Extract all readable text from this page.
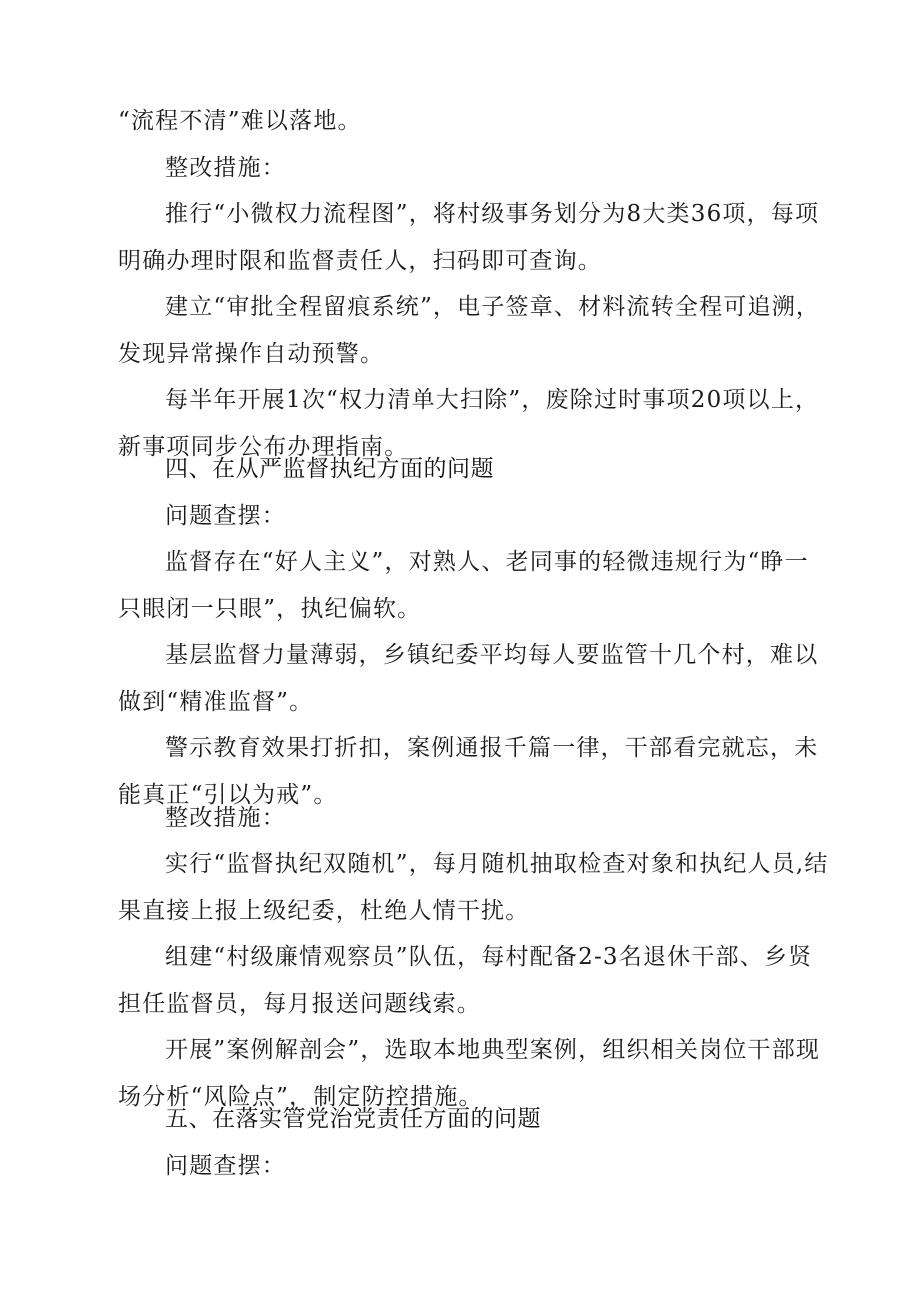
“流程不清”难以落地。

整改措施：

推行“小微权力流程图”，将村级事务划分为8大类36项，每项明确办理时限和监督责任人，扫码即可查询。

建立“审批全程留痕系统”，电子签章、材料流转全程可追溯，发现异常操作自动预警。

每半年开展1次“权力清单大扫除”，废除过时事项20项以上，新事项同步公布办理指南。

四、在从严监督执纪方面的问题

问题查摆：

监督存在“好人主义”，对熟人、老同事的轻微违规行为“睁一只眼闭一只眼”，执纪偏软。

基层监督力量薄弱，乡镇纪委平均每人要监管十几个村，难以做到“精准监督”。

警示教育效果打折扣，案例通报千篇一律，干部看完就忘，未能真正“引以为戒”。

整改措施：

实行“监督执纪双随机”，每月随机抽取检查对象和执纪人员,结果直接上报上级纪委，杜绝人情干扰。

组建“村级廉情观察员”队伍，每村配备2-3名退休干部、乡贤担任监督员，每月报送问题线索。

开展”案例解剖会”，选取本地典型案例，组织相关岗位干部现场分析“风险点”，制定防控措施。

五、在落实管党治党责任方面的问题

问题查摆：
